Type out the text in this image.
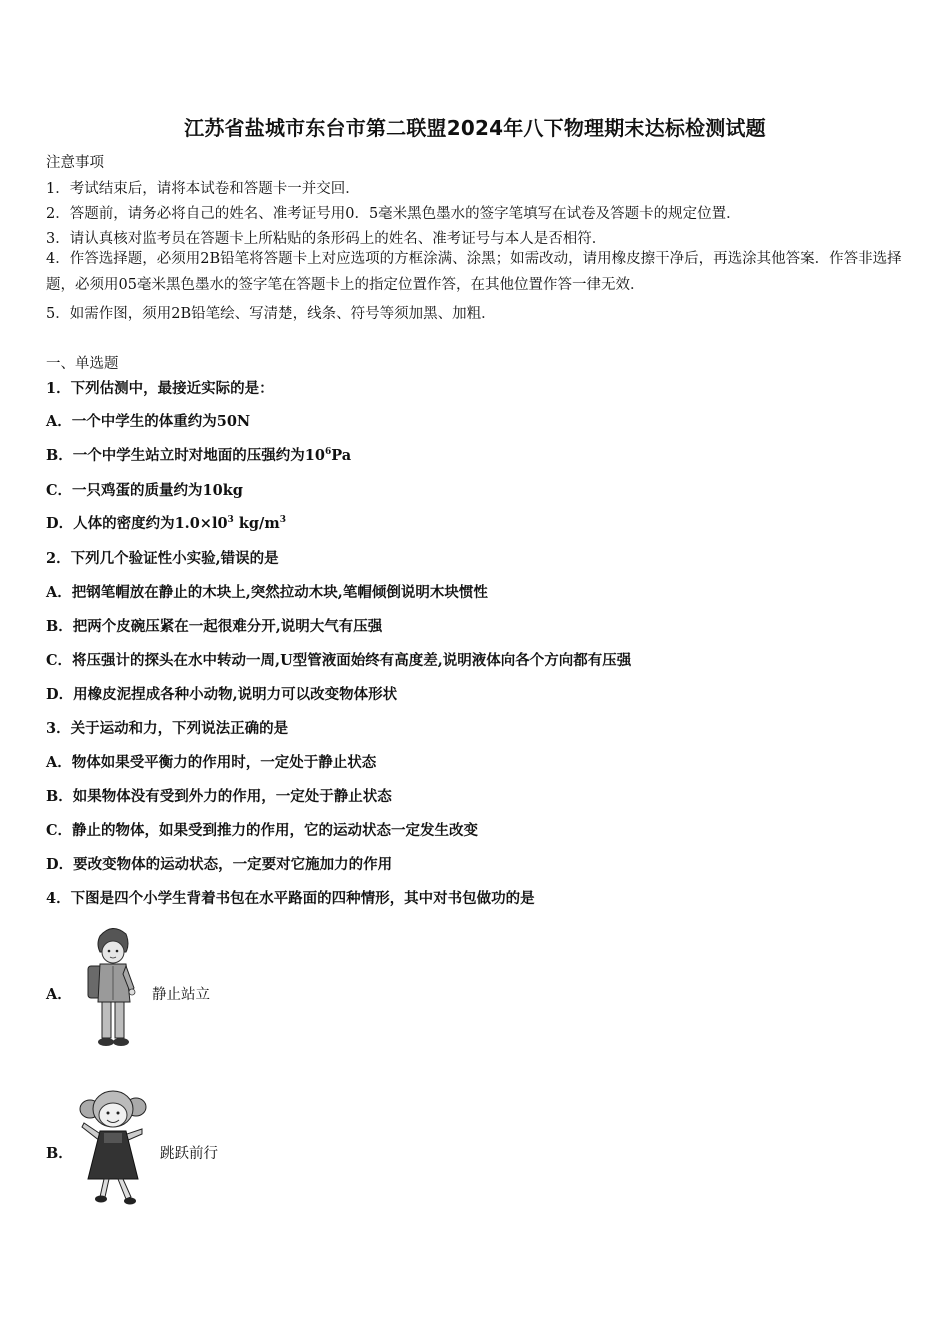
江苏省盐城市东台市第二联盟2024年八下物理期末达标检测试题
注意事项
1．考试结束后，请将本试卷和答题卡一并交回．
2．答题前，请务必将自己的姓名、准考证号用0．5毫米黑色墨水的签字笔填写在试卷及答题卡的规定位置．
3．请认真核对监考员在答题卡上所粘贴的条形码上的姓名、准考证号与本人是否相符．
4．作答选择题，必须用2B铅笔将答题卡上对应选项的方框涂满、涂黑；如需改动，请用橡皮擦干净后，再选涂其他答案．作答非选择题，必须用05毫米黑色墨水的签字笔在答题卡上的指定位置作答，在其他位置作答一律无效．
5．如需作图，须用2B铅笔绘、写清楚，线条、符号等须加黑、加粗．
一、单选题
1．下列估测中，最接近实际的是：
A．一个中学生的体重约为50N
B．一个中学生站立时对地面的压强约为$10^6Pa$
C．一只鸡蛋的质量约为10kg
D．人体的密度约为$1.0\times l0^3$ $kg/m^3$
2．下列几个验证性小实验,错误的是
A．把钢笔帽放在静止的木块上,突然拉动木块,笔帽倾倒说明木块惯性
B．把两个皮碗压紧在一起很难分开,说明大气有压强
C．将压强计的探头在水中转动一周,U型管液面始终有高度差,说明液体向各个方向都有压强
D．用橡皮泥捏成各种小动物,说明力可以改变物体形状
3．关于运动和力，下列说法正确的是
A．物体如果受平衡力的作用时，一定处于静止状态
B．如果物体没有受到外力的作用，一定处于静止状态
C．静止的物体，如果受到推力的作用，它的运动状态一定发生改变
D．要改变物体的运动状态，一定要对它施加力的作用
4．下图是四个小学生背着书包在水平路面的四种情形，其中对书包做功的是
A．	静止站立
B．	跳跃前行
